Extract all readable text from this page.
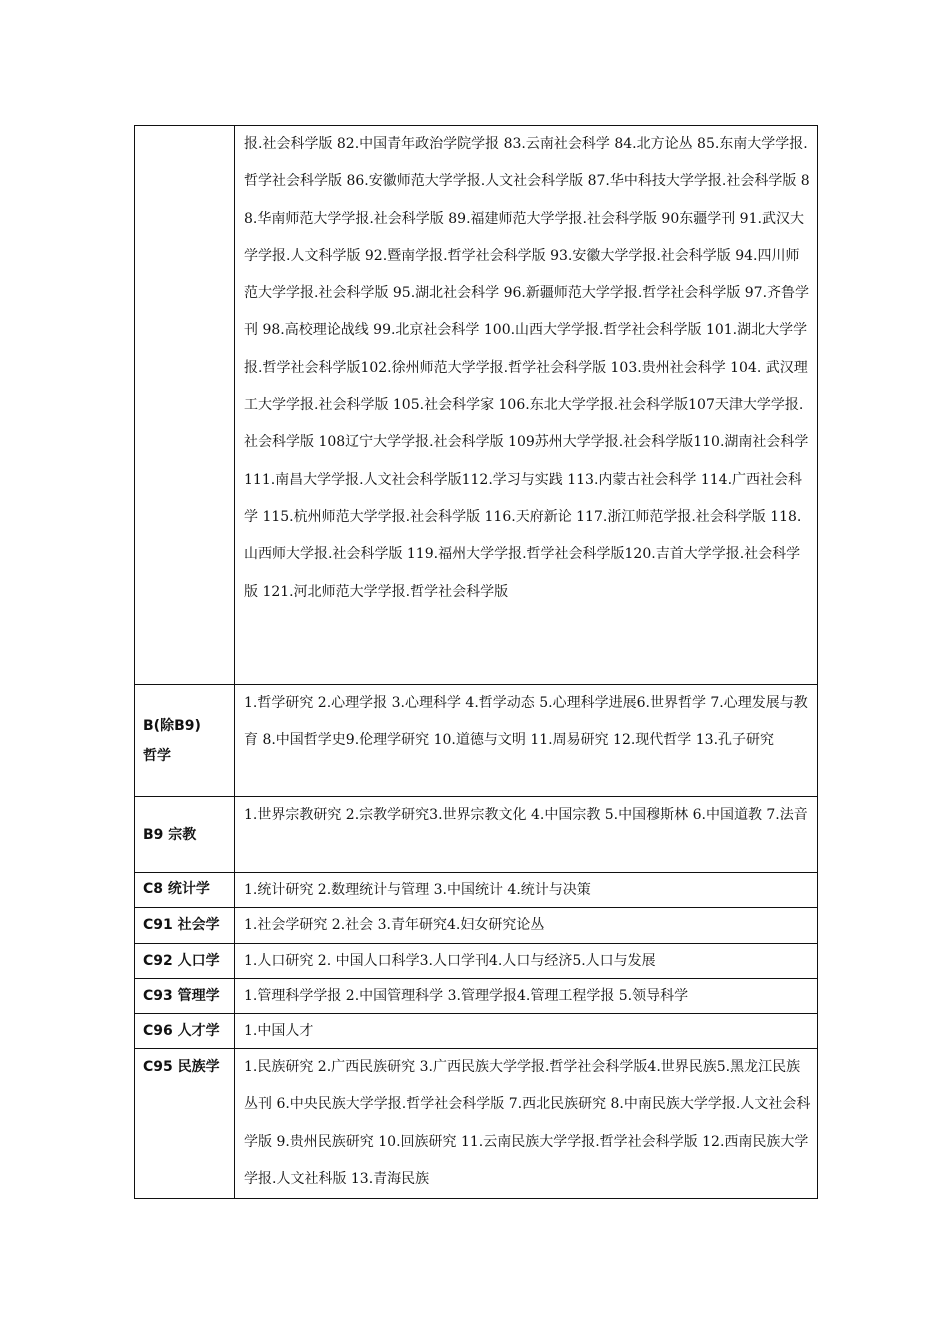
	报.社会科学版 82.中国青年政治学院学报 83.云南社会科学 84.北方论丛 85.东南大学学报.哲学社会科学版 86.安徽师范大学学报.人文社会科学版 87.华中科技大学学报.社会科学版 88.华南师范大学学报.社会科学版 89.福建师范大学学报.社会科学版 90东疆学刊 91.武汉大学学报.人文科学版 92.暨南学报.哲学社会科学版 93.安徽大学学报.社会科学版 94.四川师范大学学报.社会科学版 95.湖北社会科学 96.新疆师范大学学报.哲学社会科学版 97.齐鲁学刊 98.高校理论战线 99.北京社会科学 100.山西大学学报.哲学社会科学版 101.湖北大学学报.哲学社会科学版102.徐州师范大学学报.哲学社会科学版 103.贵州社会科学 104. 武汉理工大学学报.社会科学版 105.社会科学家 106.东北大学学报.社会科学版107天津大学学报.社会科学版 108辽宁大学学报.社会科学版 109苏州大学学报.社会科学版110.湖南社会科学 111.南昌大学学报.人文社会科学版112.学习与实践 113.内蒙古社会科学 114.广西社会科学 115.杭州师范大学学报.社会科学版 116.天府新论 117.浙江师范学报.社会科学版 118.山西师大学报.社会科学版 119.福州大学学报.哲学社会科学版120.吉首大学学报.社会科学版 121.河北师范大学学报.哲学社会科学版

B(除B9)
哲学	1.哲学研究 2.心理学报 3.心理科学 4.哲学动态 5.心理科学进展6.世界哲学 7.心理发展与教育 8.中国哲学史9.伦理学研究 10.道德与文明 11.周易研究 12.现代哲学 13.孔子研究

B9 宗教	1.世界宗教研究 2.宗教学研究3.世界宗教文化 4.中国宗教 5.中国穆斯林 6.中国道教 7.法音

C8 统计学	1.统计研究 2.数理统计与管理 3.中国统计 4.统计与决策

C91 社会学	1.社会学研究 2.社会 3.青年研究4.妇女研究论丛

C92 人口学	1.人口研究 2. 中国人口科学3.人口学刊4.人口与经济5.人口与发展

C93 管理学	1.管理科学学报 2.中国管理科学 3.管理学报4.管理工程学报 5.领导科学

C96 人才学	1.中国人才

C95 民族学	1.民族研究 2.广西民族研究 3.广西民族大学学报.哲学社会科学版4.世界民族5.黑龙江民族丛刊 6.中央民族大学学报.哲学社会科学版 7.西北民族研究 8.中南民族大学学报.人文社会科学版 9.贵州民族研究 10.回族研究 11.云南民族大学学报.哲学社会科学版 12.西南民族大学学报.人文社科版 13.青海民族
